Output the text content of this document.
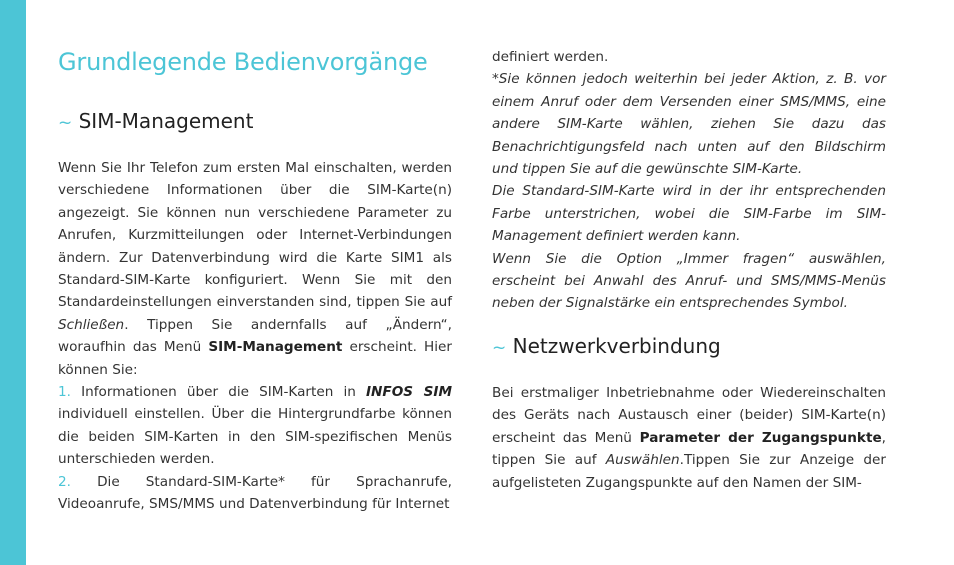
Grundlegende Bedienvorgänge
~ SIM-Management

Wenn Sie Ihr Telefon zum ersten Mal einschalten, werden verschiedene Informationen über die SIM-Karte(n) angezeigt. Sie können nun verschiedene Parameter zu Anrufen, Kurzmitteilungen oder Internet-Verbindungen ändern. Zur Datenverbindung wird die Karte SIM1 als Standard-SIM-Karte konfiguriert. Wenn Sie mit den Standardeinstellungen einverstanden sind, tippen Sie auf Schließen. Tippen Sie andernfalls auf „Ändern“, woraufhin das Menü SIM-Management erscheint. Hier können Sie:
1. Informationen über die SIM-Karten in INFOS SIM individuell einstellen. Über die Hintergrundfarbe können die beiden SIM-Karten in den SIM-spezifischen Menüs unterschieden werden.
2. Die Standard-SIM-Karte* für Sprachanrufe, Videoanrufe, SMS/MMS und Datenverbindung für Internet

definiert werden.
*Sie können jedoch weiterhin bei jeder Aktion, z. B. vor einem Anruf oder dem Versenden einer SMS/MMS, eine andere SIM-Karte wählen, ziehen Sie dazu das Benachrichtigungsfeld nach unten auf den Bildschirm und tippen Sie auf die gewünschte SIM-Karte.
Die Standard-SIM-Karte wird in der ihr entsprechenden Farbe unterstrichen, wobei die SIM-Farbe im SIM-Management definiert werden kann.
Wenn Sie die Option „Immer fragen“ auswählen, erscheint bei Anwahl des Anruf- und SMS/MMS-Menüs neben der Signalstärke ein entsprechendes Symbol.

~ Netzwerkverbindung

Bei erstmaliger Inbetriebnahme oder Wiedereinschalten des Geräts nach Austausch einer (beider) SIM-Karte(n) erscheint das Menü Parameter der Zugangspunkte, tippen Sie auf Auswählen.Tippen Sie zur Anzeige der aufgelisteten Zugangspunkte auf den Namen der SIM-
